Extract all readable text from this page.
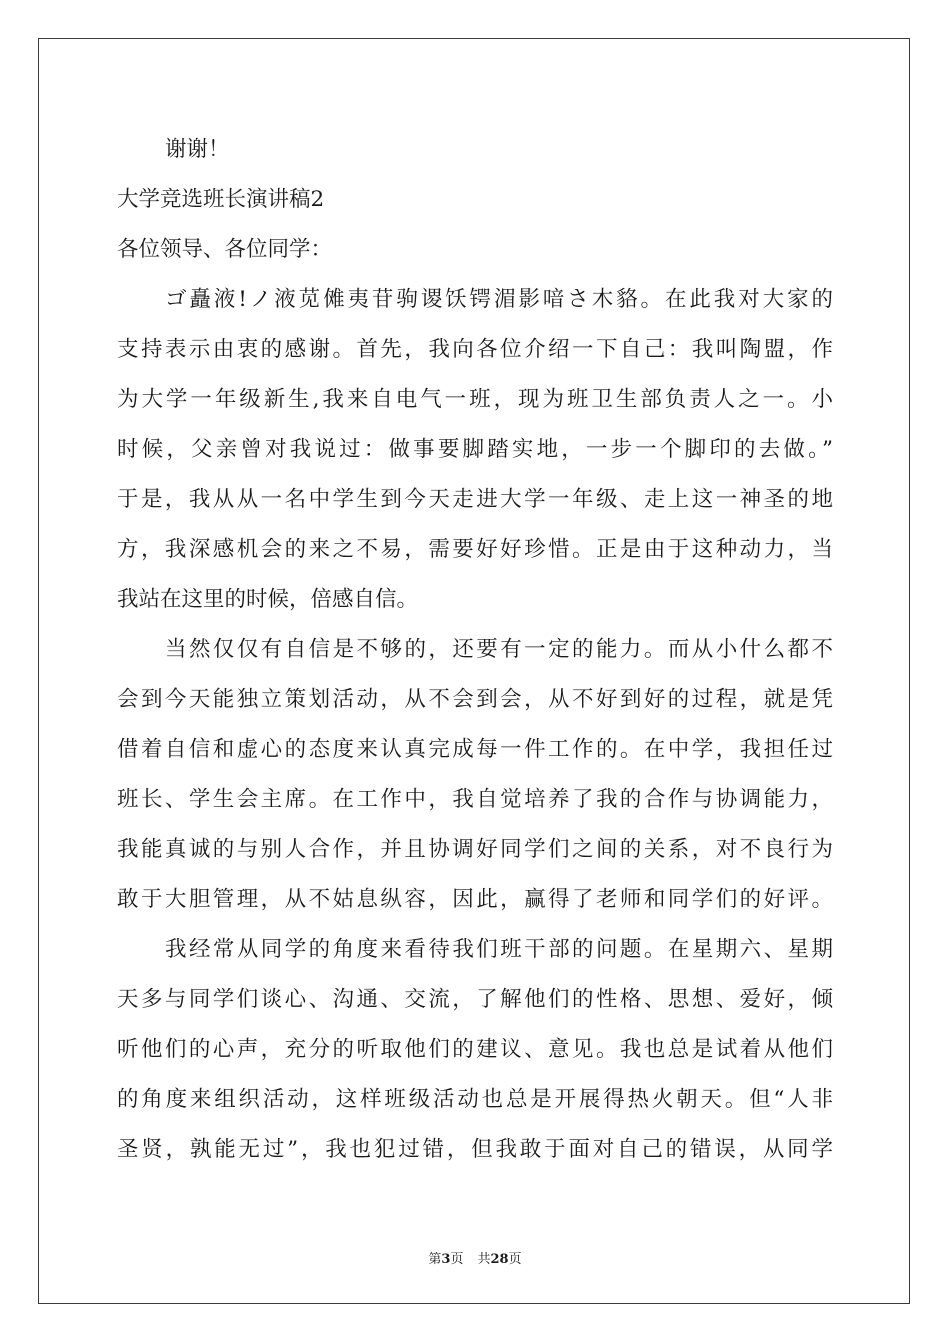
谢谢！
大学竞选班长演讲稿2
各位领导、各位同学：
ゴ矗液!ノ液苋傩夷苷驹谡饫锷湄影喑さ木貉。在此我对大家的
支持表示由衷的感谢。首先，我向各位介绍一下自己：我叫陶盟，作
为大学一年级新生,我来自电气一班，现为班卫生部负责人之一。小
时候，父亲曾对我说过：做事要脚踏实地，一步一个脚印的去做。”
于是，我从从一名中学生到今天走进大学一年级、走上这一神圣的地
方，我深感机会的来之不易，需要好好珍惜。正是由于这种动力，当
我站在这里的时候，倍感自信。
当然仅仅有自信是不够的，还要有一定的能力。而从小什么都不
会到今天能独立策划活动，从不会到会，从不好到好的过程，就是凭
借着自信和虚心的态度来认真完成每一件工作的。在中学，我担任过
班长、学生会主席。在工作中，我自觉培养了我的合作与协调能力，
我能真诚的与别人合作，并且协调好同学们之间的关系，对不良行为
敢于大胆管理，从不姑息纵容，因此，赢得了老师和同学们的好评。
我经常从同学的角度来看待我们班干部的问题。在星期六、星期
天多与同学们谈心、沟通、交流，了解他们的性格、思想、爱好，倾
听他们的心声，充分的听取他们的建议、意见。我也总是试着从他们
的角度来组织活动，这样班级活动也总是开展得热火朝天。但“人非
圣贤，孰能无过”，我也犯过错，但我敢于面对自己的错误，从同学
第3页 共28页
